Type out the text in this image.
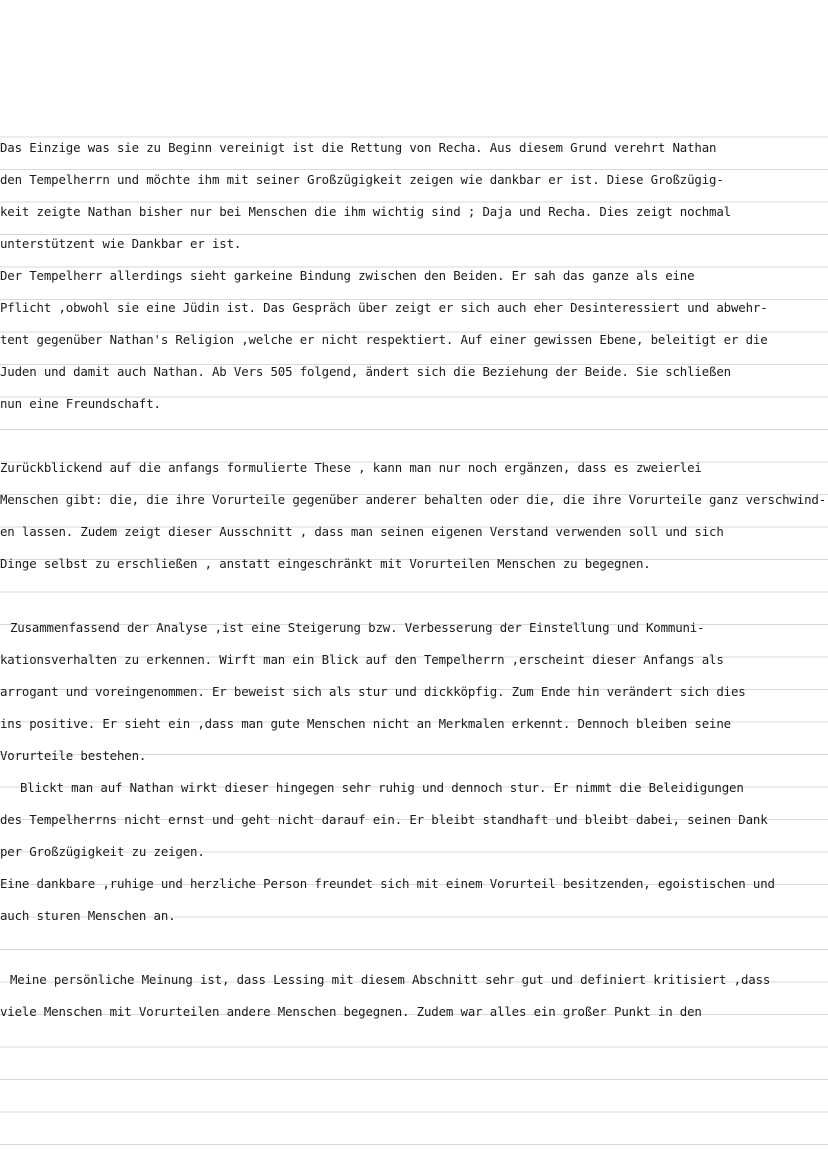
Das Einzige was sie zu Beginn vereinigt ist die Rettung von Recha. Aus diesem Grund verehrt Nathan
den Tempelherrn und möchte ihm mit seiner Großzügigkeit zeigen wie dankbar er ist. Diese Großzügig-
keit zeigte Nathan bisher nur bei Menschen die ihm wichtig sind ; Daja und Recha. Dies zeigt nochmal
unterstützent wie Dankbar er ist.
Der Tempelherr allerdings sieht garkeine Bindung zwischen den Beiden. Er sah das ganze als eine
Pflicht ,obwohl sie eine Jüdin ist. Das Gespräch über zeigt er sich auch eher Desinteressiert und abwehr-
tent gegenüber Nathan's Religion ,welche er nicht respektiert. Auf einer gewissen Ebene, beleitigt er die
Juden und damit auch Nathan. Ab Vers 505 folgend, ändert sich die Beziehung der Beide. Sie schließen
nun eine Freundschaft.
Zurückblickend auf die anfangs formulierte These , kann man nur noch ergänzen, dass es zweierlei
Menschen gibt: die, die ihre Vorurteile gegenüber anderer behalten oder die, die ihre Vorurteile ganz verschwind-
en lassen. Zudem zeigt dieser Ausschnitt , dass man seinen eigenen Verstand verwenden soll und sich
Dinge selbst zu erschließen , anstatt eingeschränkt mit Vorurteilen Menschen zu begegnen.
Zusammenfassend der Analyse ,ist eine Steigerung bzw. Verbesserung der Einstellung und Kommuni-
kationsverhalten zu erkennen. Wirft man ein Blick auf den Tempelherrn ,erscheint dieser Anfangs als
arrogant und voreingenommen. Er beweist sich als stur und dickköpfig. Zum Ende hin verändert sich dies
ins positive. Er sieht ein ,dass man gute Menschen nicht an Merkmalen erkennt. Dennoch bleiben seine
Vorurteile bestehen.
Blickt man auf Nathan wirkt dieser hingegen sehr ruhig und dennoch stur. Er nimmt die Beleidigungen
des Tempelherrns nicht ernst und geht nicht darauf ein. Er bleibt standhaft und bleibt dabei, seinen Dank
per Großzügigkeit zu zeigen.
Eine dankbare ,ruhige und herzliche Person freundet sich mit einem Vorurteil besitzenden, egoistischen und
auch sturen Menschen an.
Meine persönliche Meinung ist, dass Lessing mit diesem Abschnitt sehr gut und definiert kritisiert ,dass
viele Menschen mit Vorurteilen andere Menschen begegnen. Zudem war alles ein großer Punkt in den
